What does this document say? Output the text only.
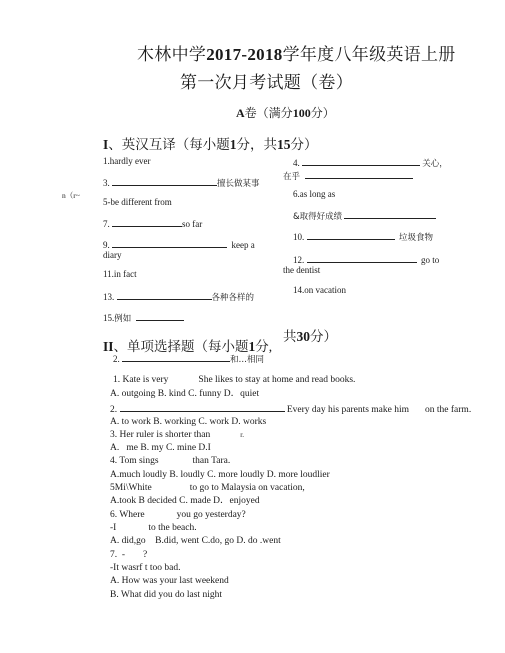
木林中学2017-2018学年度八年级英语上册
第一次月考试题（卷）
A卷（满分100分）
I、英汉互译（每小题1分，共15分）
n（r~
1.hardly ever
3.	擅长做某事
5-be different from
7.	so far
9.	keep a
diary
11.in fact
13.	各种各样的
15.例如
4.	关心，
在乎
6.as long as
&取得好成绩
10.	垃圾食物
12.	go to
the dentist
14.on vacation
II、单项选择题（每小题1分,
共30分）
2.	和…相同
1. Kate is very	She likes to stay at home and read books.
A. outgoing B. kind C. funny D．quiet
2.	Every day his parents make him on the farm.
A. to work B. working C. work D. works
3. Her ruler is shorter than	r.
A. me B. my C. mine D.I
4. Tom sings	than Tara.
A.much loudly B. loudly C. more loudly D. more loudlier
5Mi\White	to go to Malaysia on vacation,
A.took B decided C. made D．enjoyed
6. Where	you go yesterday?
-I	to the beach.
A. did,go B.did, went C.do, go D. do .went
7. - ?
-It wasrf t too bad.
A. How was your last weekend
B. What did you do last night
